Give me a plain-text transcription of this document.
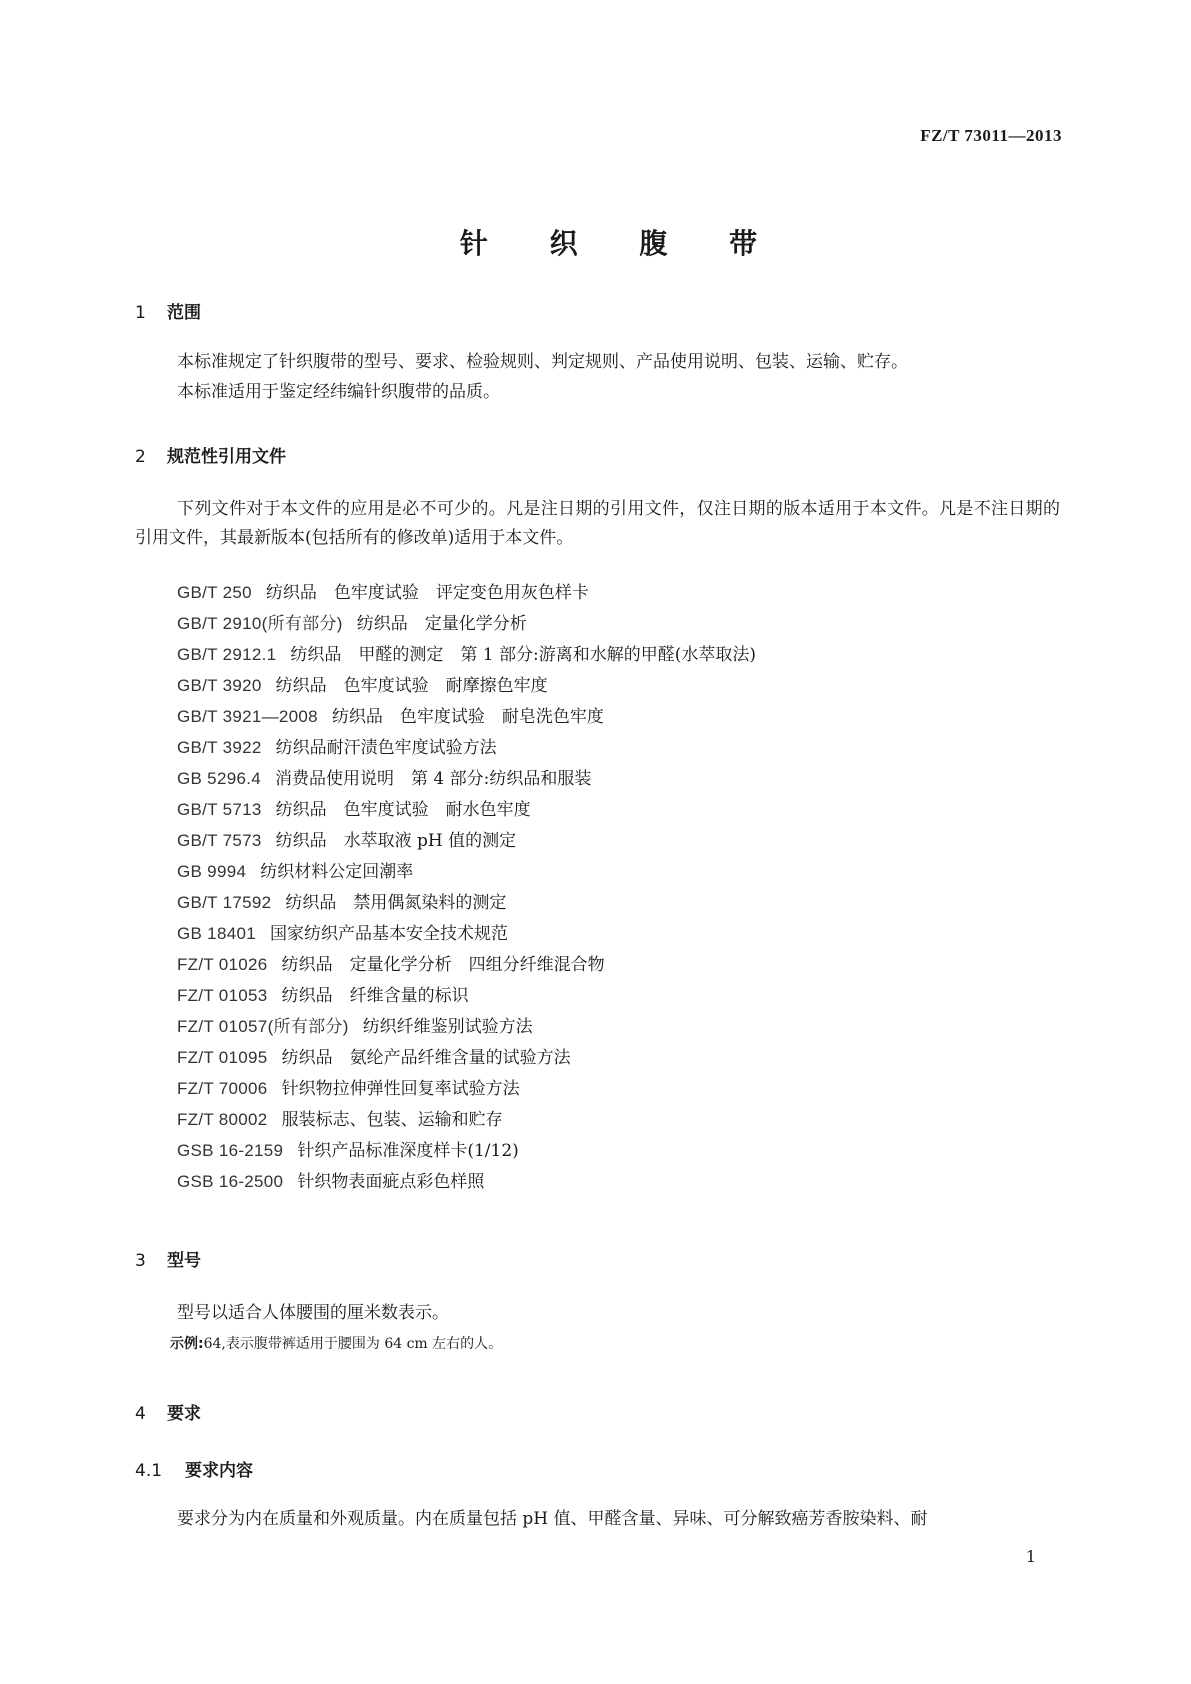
FZ/T 73011—2013
针 织 腹 带
1 范围
本标准规定了针织腹带的型号、要求、检验规则、判定规则、产品使用说明、包装、运输、贮存。
本标准适用于鉴定经纬编针织腹带的品质。
2 规范性引用文件
下列文件对于本文件的应用是必不可少的。凡是注日期的引用文件，仅注日期的版本适用于本文件。凡是不注日期的引用文件，其最新版本(包括所有的修改单)适用于本文件。
GB/T 250 纺织品　色牢度试验　评定变色用灰色样卡
GB/T 2910(所有部分) 纺织品　定量化学分析
GB/T 2912.1 纺织品　甲醛的测定　第 1 部分:游离和水解的甲醛(水萃取法)
GB/T 3920 纺织品　色牢度试验　耐摩擦色牢度
GB/T 3921—2008 纺织品　色牢度试验　耐皂洗色牢度
GB/T 3922 纺织品耐汗渍色牢度试验方法
GB 5296.4 消费品使用说明　第 4 部分:纺织品和服装
GB/T 5713 纺织品　色牢度试验　耐水色牢度
GB/T 7573 纺织品　水萃取液 pH 值的测定
GB 9994 纺织材料公定回潮率
GB/T 17592 纺织品　禁用偶氮染料的测定
GB 18401 国家纺织产品基本安全技术规范
FZ/T 01026 纺织品　定量化学分析　四组分纤维混合物
FZ/T 01053 纺织品　纤维含量的标识
FZ/T 01057(所有部分) 纺织纤维鉴别试验方法
FZ/T 01095 纺织品　氨纶产品纤维含量的试验方法
FZ/T 70006 针织物拉伸弹性回复率试验方法
FZ/T 80002 服装标志、包装、运输和贮存
GSB 16-2159 针织产品标准深度样卡(1/12)
GSB 16-2500 针织物表面疵点彩色样照
3 型号
型号以适合人体腰围的厘米数表示。
示例:64,表示腹带裤适用于腰围为 64 cm 左右的人。
4 要求
4.1 要求内容
要求分为内在质量和外观质量。内在质量包括 pH 值、甲醛含量、异味、可分解致癌芳香胺染料、耐
1
